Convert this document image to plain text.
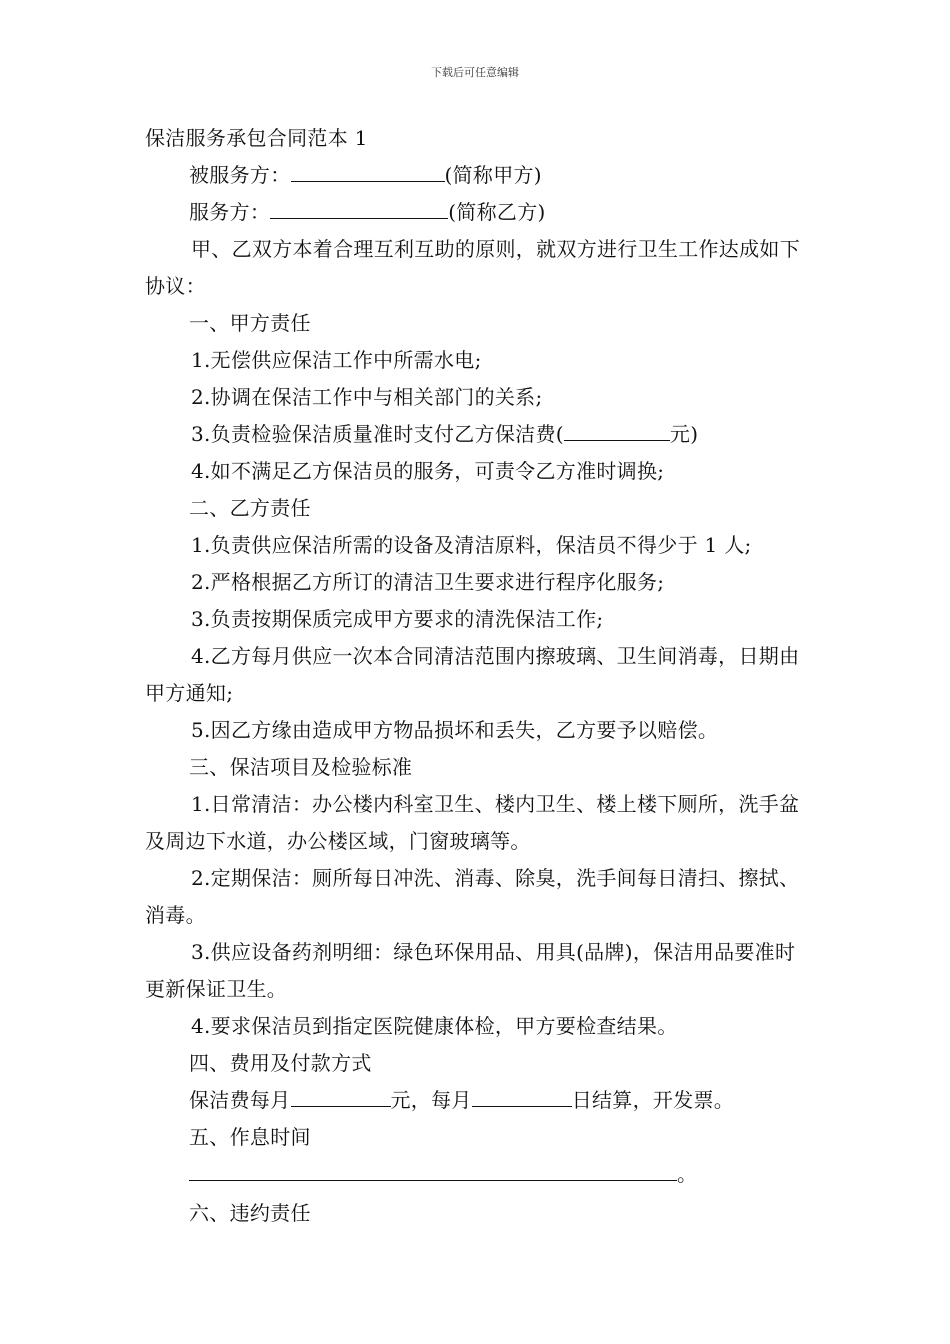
下载后可任意编辑
保洁服务承包合同范本 1
被服务方：	(简称甲方)
服务方：	(简称乙方)
甲、乙双方本着合理互利互助的原则，就双方进行卫生工作达成如下协议：
一、甲方责任
1.无偿供应保洁工作中所需水电;
2.协调在保洁工作中与相关部门的关系;
3.负责检验保洁质量准时支付乙方保洁费(	元)
4.如不满足乙方保洁员的服务，可责令乙方准时调换;
二、乙方责任
1.负责供应保洁所需的设备及清洁原料，保洁员不得少于 1 人;
2.严格根据乙方所订的清洁卫生要求进行程序化服务;
3.负责按期保质完成甲方要求的清洗保洁工作;
4.乙方每月供应一次本合同清洁范围内擦玻璃、卫生间消毒，日期由甲方通知;
5.因乙方缘由造成甲方物品损坏和丢失，乙方要予以赔偿。
三、保洁项目及检验标准
1.日常清洁：办公楼内科室卫生、楼内卫生、楼上楼下厕所，洗手盆及周边下水道，办公楼区域，门窗玻璃等。
2.定期保洁：厕所每日冲洗、消毒、除臭，洗手间每日清扫、擦拭、消毒。
3.供应设备药剂明细：绿色环保用品、用具(品牌)，保洁用品要准时更新保证卫生。
4.要求保洁员到指定医院健康体检，甲方要检查结果。
四、费用及付款方式
保洁费每月	元，每月	日结算，开发票。
五、作息时间
。
六、违约责任
